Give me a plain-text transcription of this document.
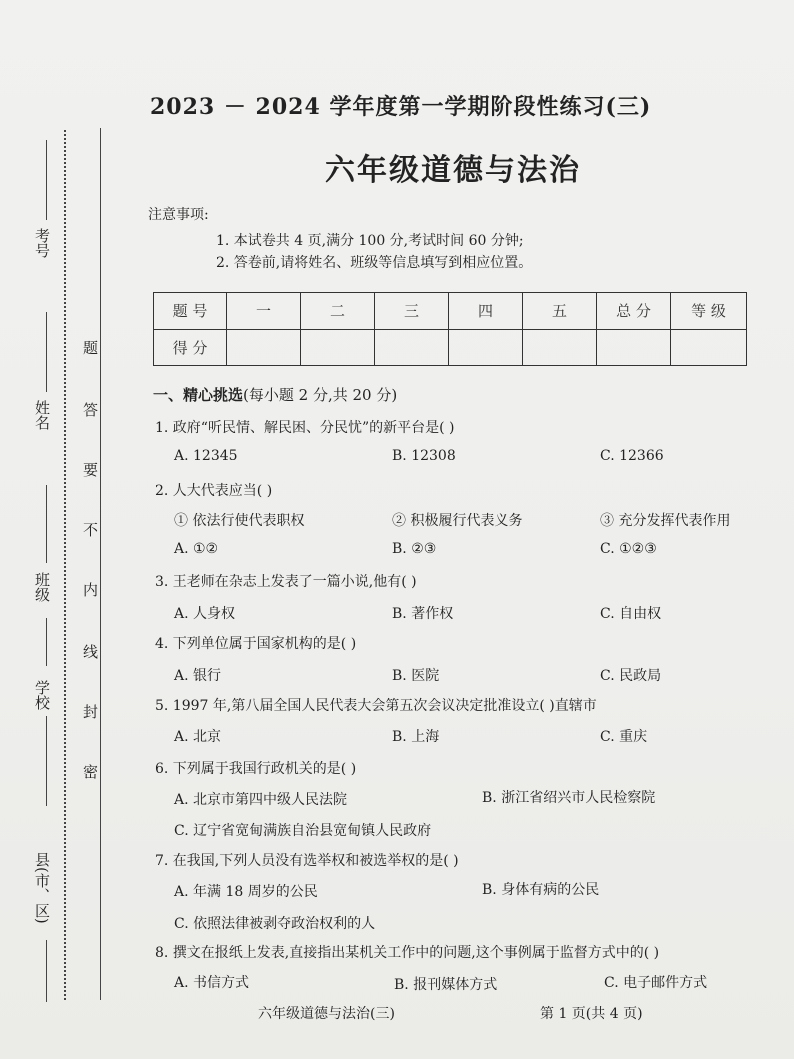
考号
姓名
班级
学校
县(市、区)
题
答
要
不
内
线
封
密
2023 － 2024 学年度第一学期阶段性练习(三)
六年级道德与法治
注意事项:
1. 本试卷共 4 页,满分 100 分,考试时间 60 分钟;
2. 答卷前,请将姓名、班级等信息填写到相应位置。
题 号	一	二	三	四	五	总 分	等 级
得 分							
一、精心挑选(每小题 2 分,共 20 分)
1. 政府“听民情、解民困、分民忧”的新平台是( )
A. 12345	B. 12308	C. 12366
2. 人大代表应当( )
① 依法行使代表职权	② 积极履行代表义务	③ 充分发挥代表作用
A. ①②	B. ②③	C. ①②③
3. 王老师在杂志上发表了一篇小说,他有( )
A. 人身权	B. 著作权	C. 自由权
4. 下列单位属于国家机构的是( )
A. 银行	B. 医院	C. 民政局
5. 1997 年,第八届全国人民代表大会第五次会议决定批准设立( )直辖市
A. 北京	B. 上海	C. 重庆
6. 下列属于我国行政机关的是( )
A. 北京市第四中级人民法院	B. 浙江省绍兴市人民检察院
C. 辽宁省宽甸满族自治县宽甸镇人民政府
7. 在我国,下列人员没有选举权和被选举权的是( )
A. 年满 18 周岁的公民	B. 身体有病的公民
C. 依照法律被剥夺政治权利的人
8. 撰文在报纸上发表,直接指出某机关工作中的问题,这个事例属于监督方式中的( )
A. 书信方式	B. 报刊媒体方式	C. 电子邮件方式
六年级道德与法治(三)	第 1 页(共 4 页)
